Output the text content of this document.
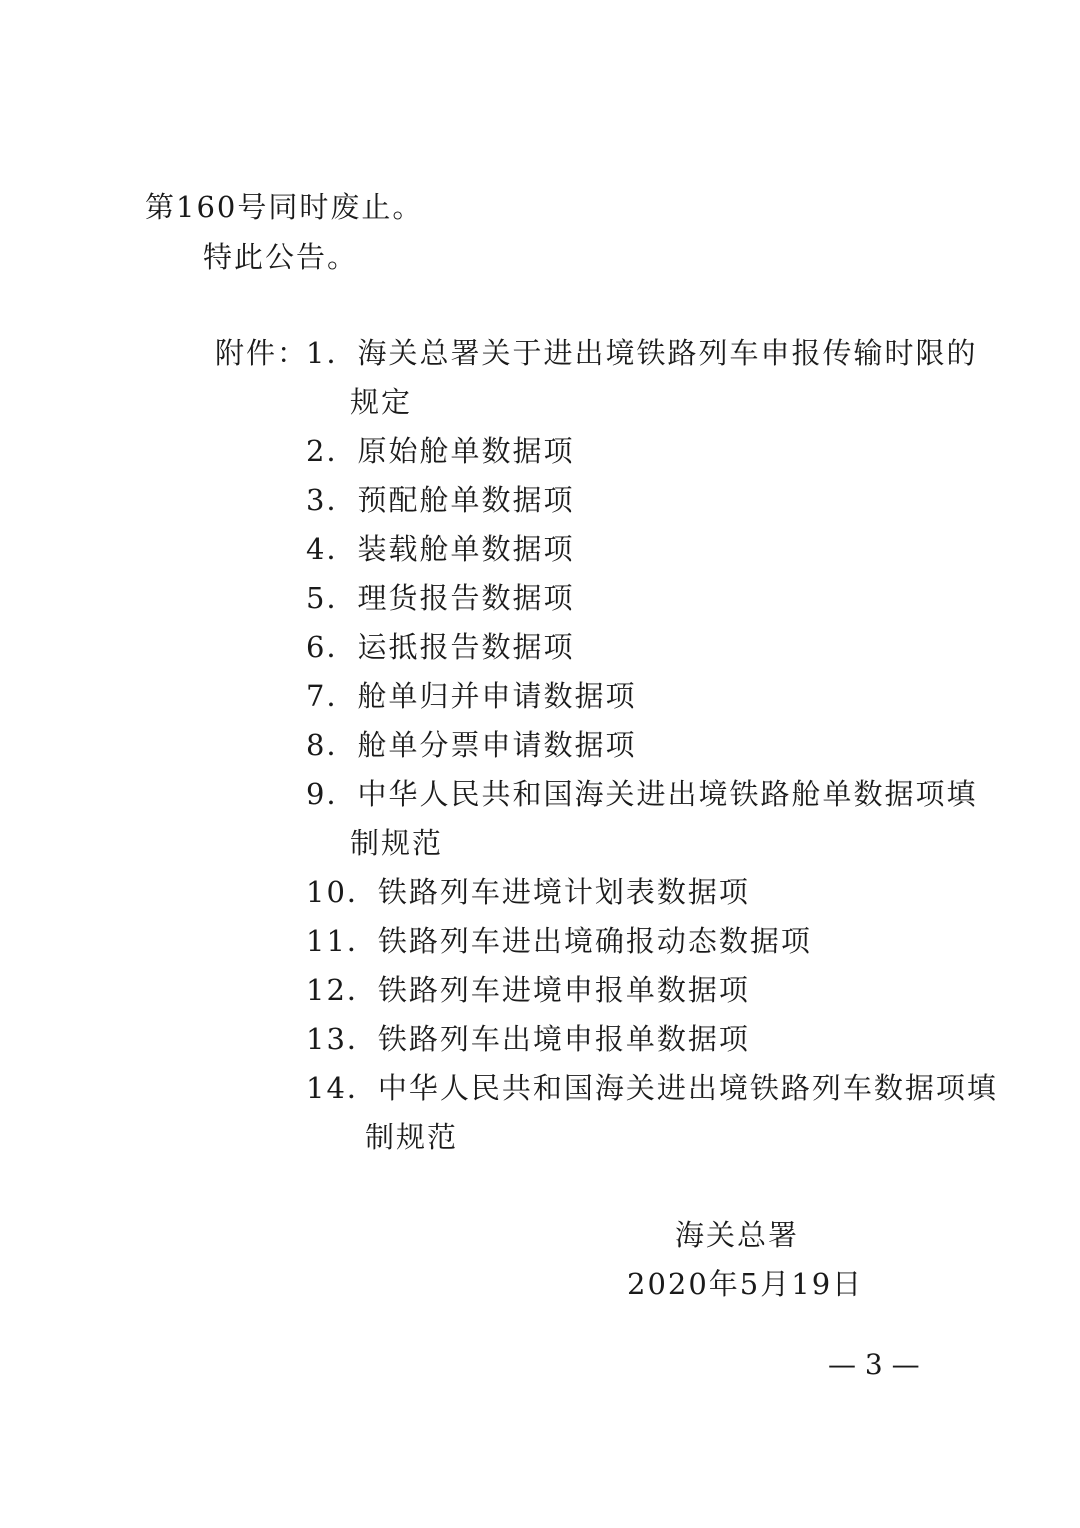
第160号同时废止。
特此公告。
附件：
1．海关总署关于进出境铁路列车申报传输时限的
规定
2．原始舱单数据项
3．预配舱单数据项
4．装载舱单数据项
5．理货报告数据项
6．运抵报告数据项
7．舱单归并申请数据项
8．舱单分票申请数据项
9．中华人民共和国海关进出境铁路舱单数据项填
制规范
10．铁路列车进境计划表数据项
11．铁路列车进出境确报动态数据项
12．铁路列车进境申报单数据项
13．铁路列车出境申报单数据项
14．中华人民共和国海关进出境铁路列车数据项填
制规范
海关总署
2020年5月19日
— 3 —
